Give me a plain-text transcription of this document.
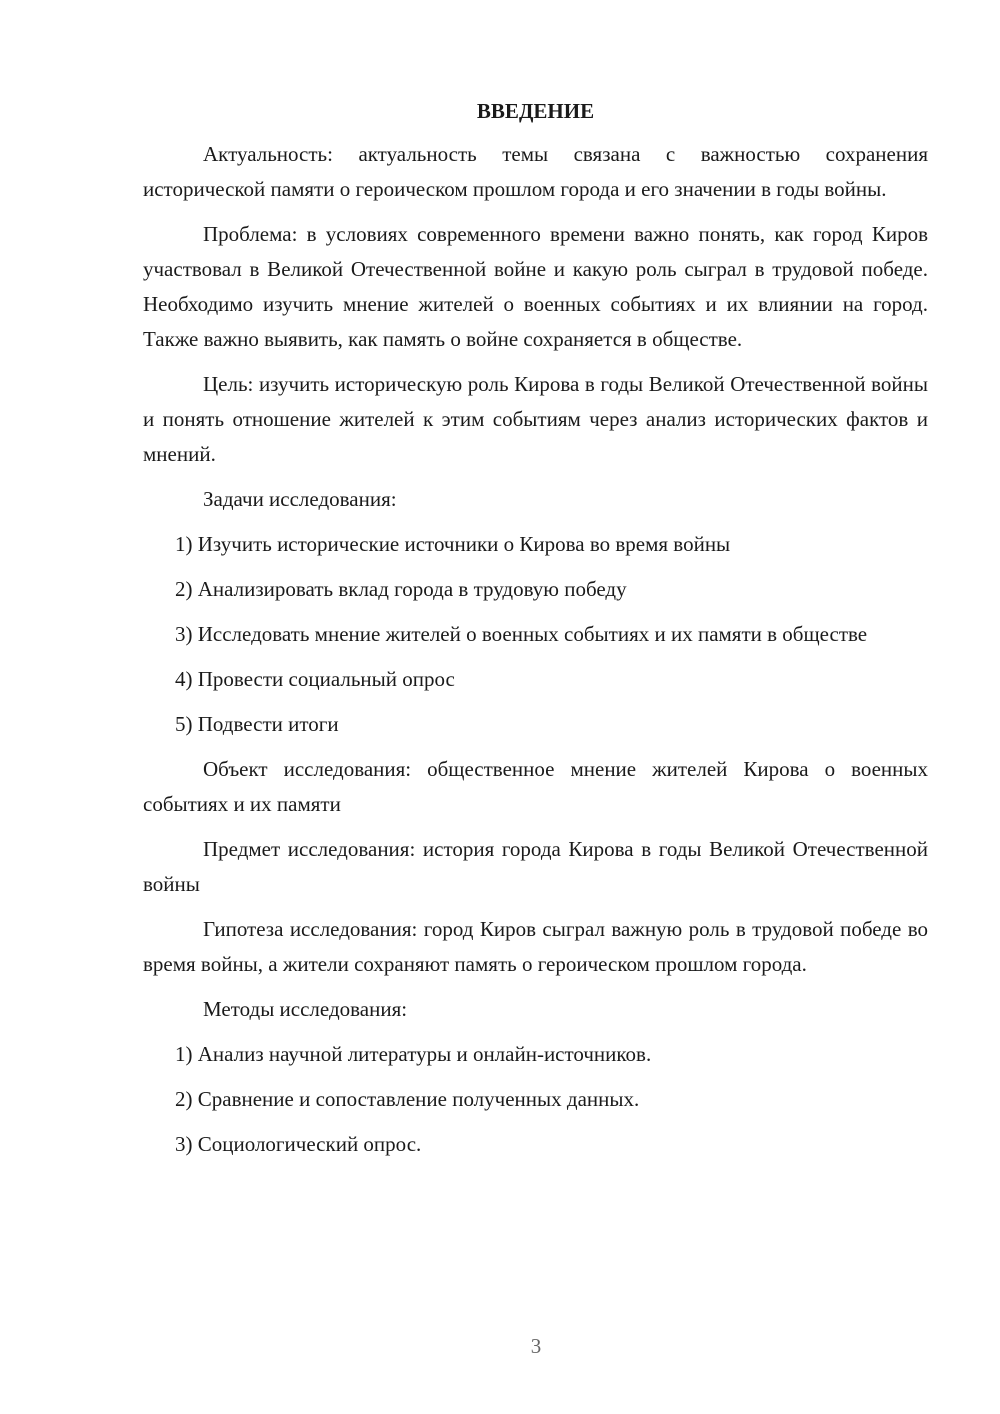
ВВЕДЕНИЕ

Актуальность: актуальность темы связана с важностью сохранения исторической памяти о героическом прошлом города и его значении в годы войны.

Проблема: в условиях современного времени важно понять, как город Киров участвовал в Великой Отечественной войне и какую роль сыграл в трудовой победе. Необходимо изучить мнение жителей о военных событиях и их влиянии на город. Также важно выявить, как память о войне сохраняется в обществе.

Цель: изучить историческую роль Кирова в годы Великой Отечественной войны и понять отношение жителей к этим событиям через анализ исторических фактов и мнений.

Задачи исследования:

1) Изучить исторические источники о Кирова во время войны

2) Анализировать вклад города в трудовую победу

3) Исследовать мнение жителей о военных событиях и их памяти в обществе

4) Провести социальный опрос

5) Подвести итоги

Объект исследования: общественное мнение жителей Кирова о военных событиях и их памяти

Предмет исследования: история города Кирова в годы Великой Отечественной войны

Гипотеза исследования: город Киров сыграл важную роль в трудовой победе во время войны, а жители сохраняют память о героическом прошлом города.

Методы исследования:

1) Анализ научной литературы и онлайн-источников.

2) Сравнение и сопоставление полученных данных.

3) Социологический опрос.

3
